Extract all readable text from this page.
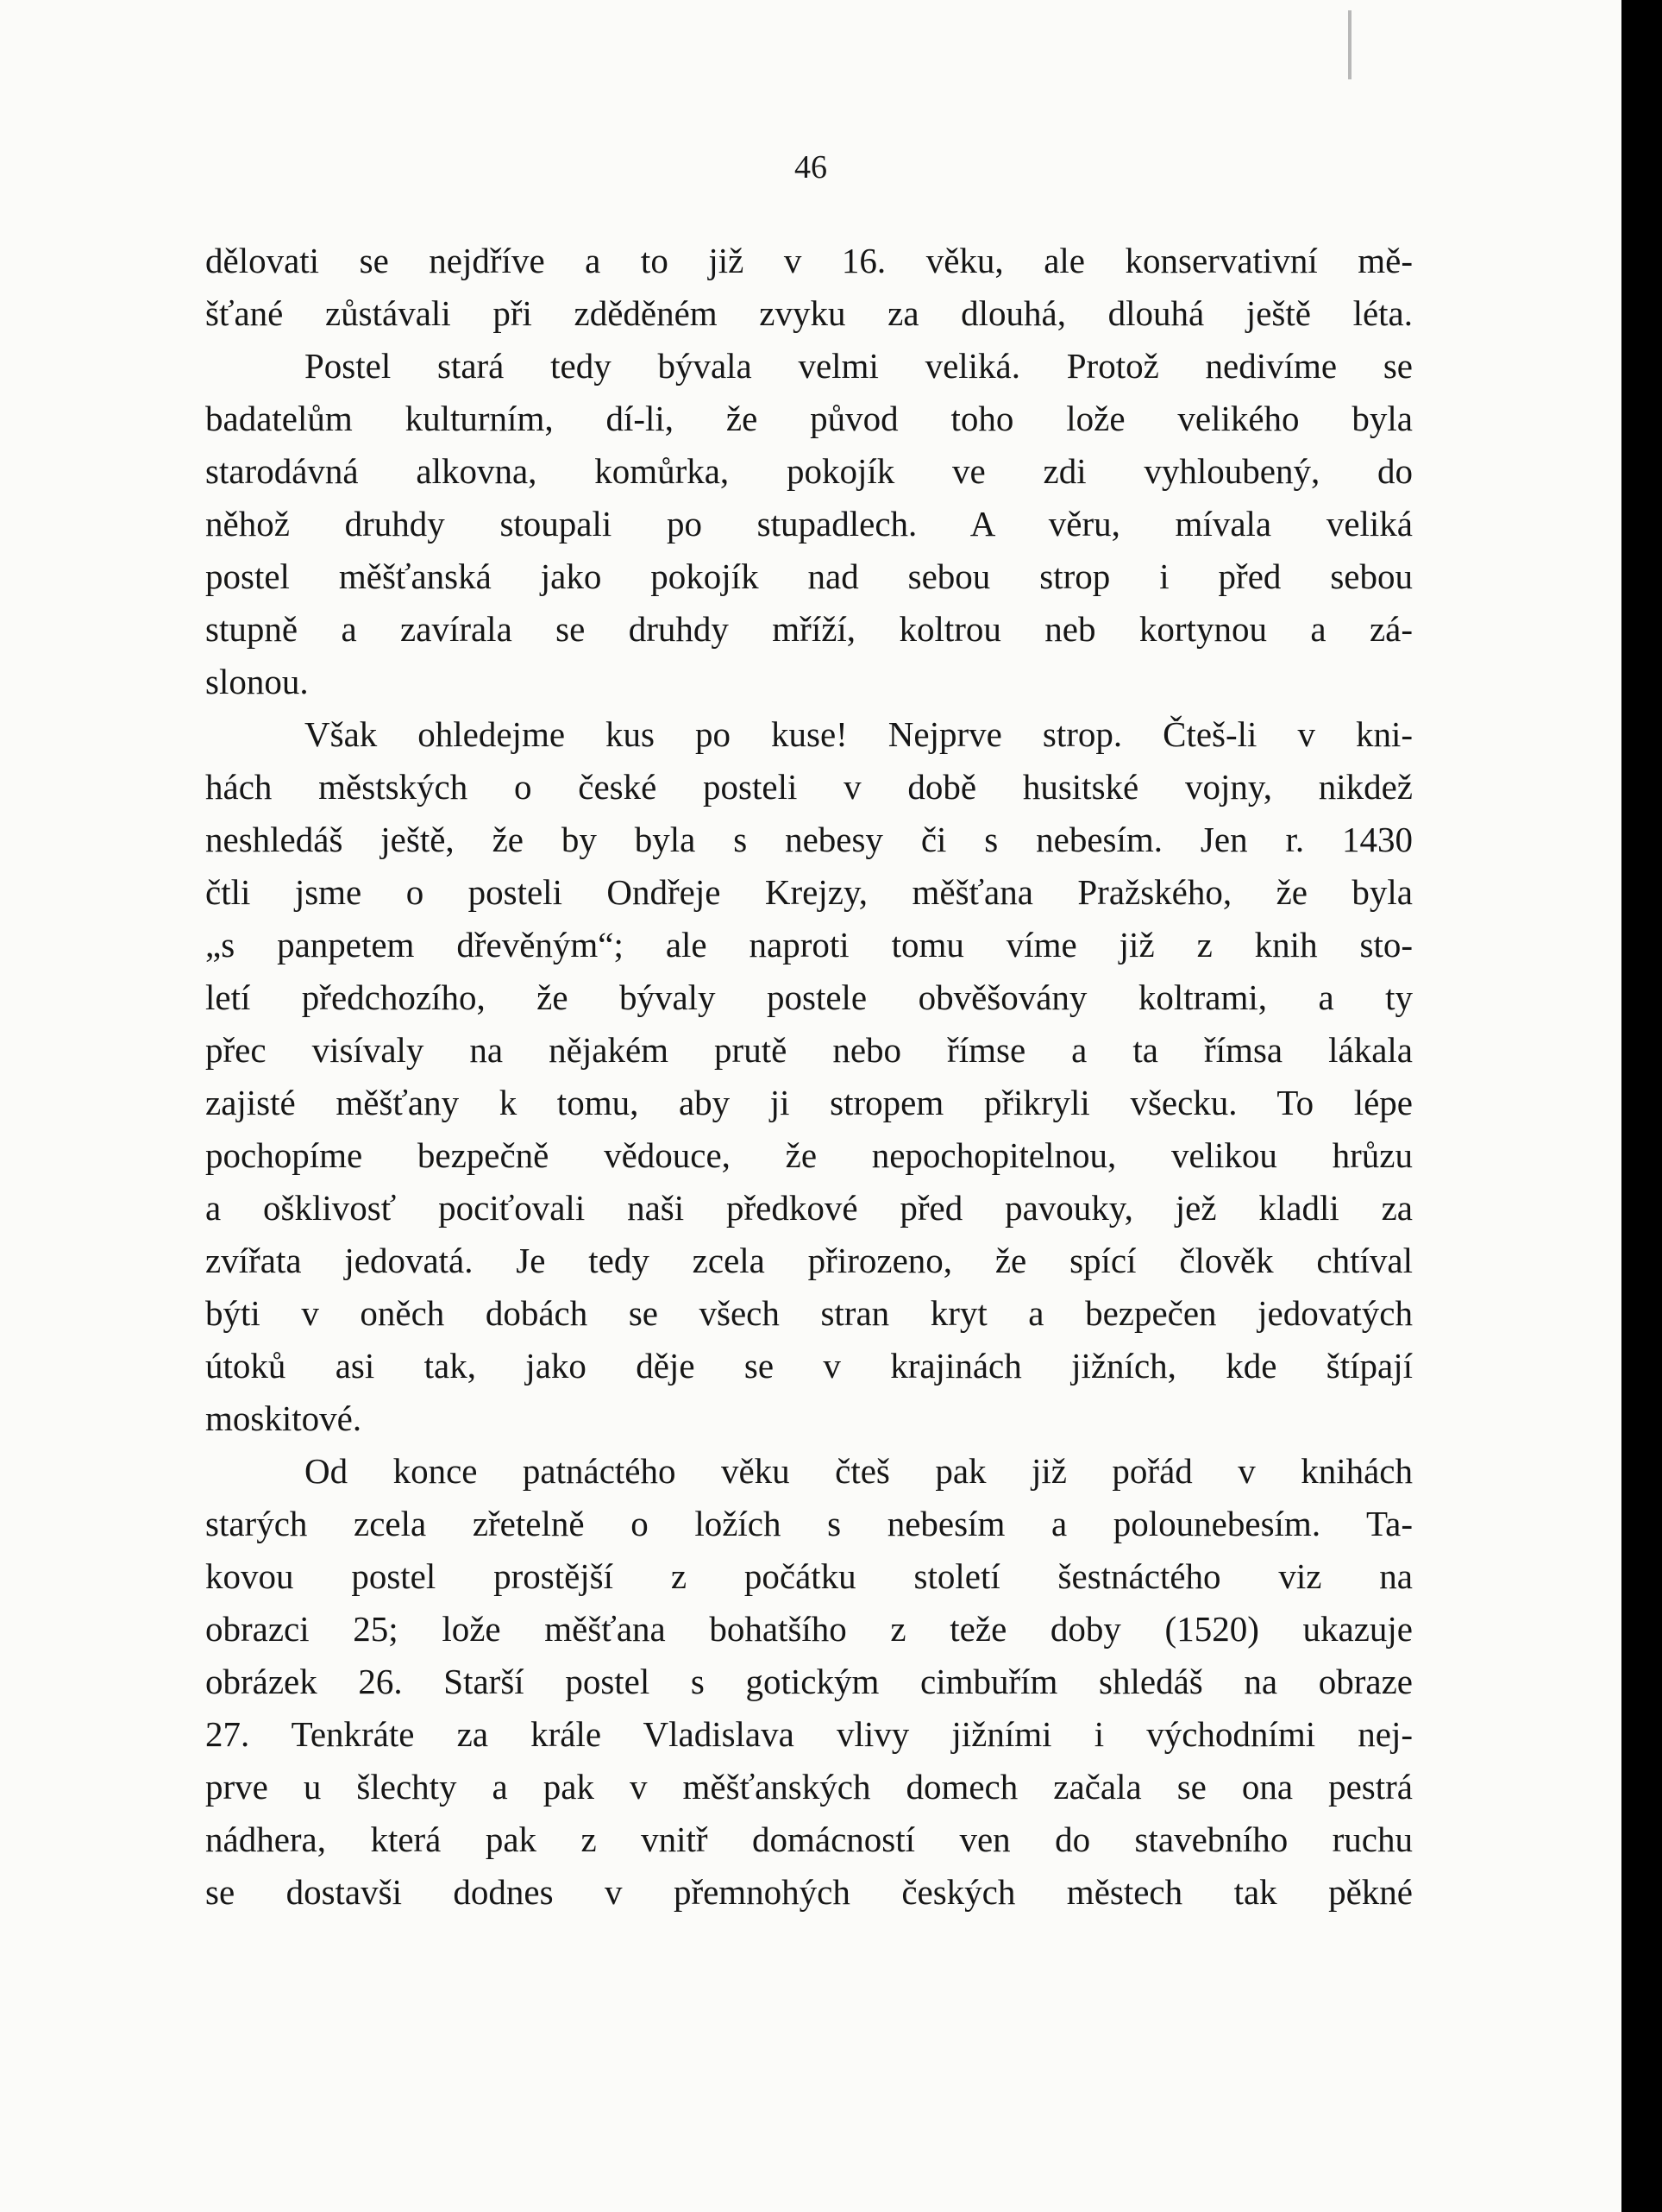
46
dělovati se nejdříve a to již v 16. věku, ale konservativní mě-
šťané zůstávali při zděděném zvyku za dlouhá, dlouhá ještě léta.
Postel stará tedy bývala velmi veliká. Protož nedivíme se
badatelům kulturním, dí-li, že původ toho lože velikého byla
starodávná alkovna, komůrka, pokojík ve zdi vyhloubený, do
něhož druhdy stoupali po stupadlech. A věru, mívala veliká
postel měšťanská jako pokojík nad sebou strop i před sebou
stupně a zavírala se druhdy mříží, koltrou neb kortynou a zá-
slonou.
Však ohledejme kus po kuse! Nejprve strop. Čteš-li v kni-
hách městských o české posteli v době husitské vojny, nikdež
neshledáš ještě, že by byla s nebesy či s nebesím. Jen r. 1430
čtli jsme o posteli Ondřeje Krejzy, měšťana Pražského, že byla
„s panpetem dřevěným“; ale naproti tomu víme již z knih sto-
letí předchozího, že bývaly postele obvěšovány koltrami, a ty
přec visívaly na nějakém prutě nebo římse a ta římsa lákala
zajisté měšťany k tomu, aby ji stropem přikryli všecku. To lépe
pochopíme bezpečně vědouce, že nepochopitelnou, velikou hrůzu
a ošklivosť pociťovali naši předkové před pavouky, jež kladli za
zvířata jedovatá. Je tedy zcela přirozeno, že spící člověk chtíval
býti v oněch dobách se všech stran kryt a bezpečen jedovatých
útoků asi tak, jako děje se v krajinách jižních, kde štípají
moskitové.
Od konce patnáctého věku čteš pak již pořád v knihách
starých zcela zřetelně o ložích s nebesím a polounebesím. Ta-
kovou postel prostější z počátku století šestnáctého viz na
obrazci 25; lože měšťana bohatšího z teže doby (1520) ukazuje
obrázek 26. Starší postel s gotickým cimbuřím shledáš na obraze
27. Tenkráte za krále Vladislava vlivy jižními i východními nej-
prve u šlechty a pak v měšťanských domech začala se ona pestrá
nádhera, která pak z vnitř domácností ven do stavebního ruchu
se dostavši dodnes v přemnohých českých městech tak pěkné
